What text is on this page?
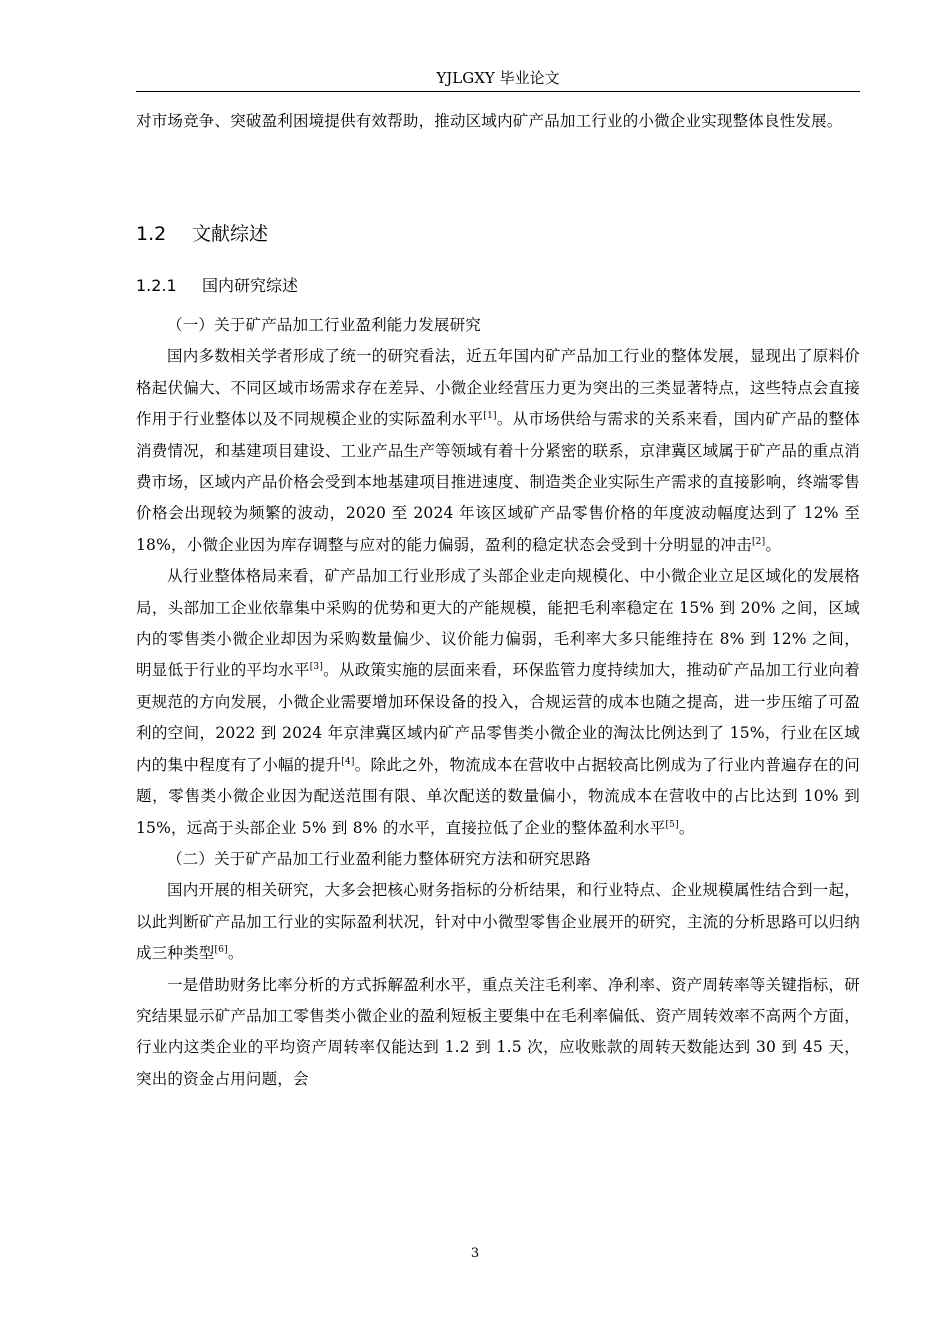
YJLGXY 毕业论文

对市场竞争、突破盈利困境提供有效帮助，推动区域内矿产品加工行业的小微企业实现整体良性发展。

1.2 文献综述
1.2.1 国内研究综述

（一）关于矿产品加工行业盈利能力发展研究

国内多数相关学者形成了统一的研究看法，近五年国内矿产品加工行业的整体发展，显现出了原料价格起伏偏大、不同区域市场需求存在差异、小微企业经营压力更为突出的三类显著特点，这些特点会直接作用于行业整体以及不同规模企业的实际盈利水平[1]。从市场供给与需求的关系来看，国内矿产品的整体消费情况，和基建项目建设、工业产品生产等领域有着十分紧密的联系，京津冀区域属于矿产品的重点消费市场，区域内产品价格会受到本地基建项目推进速度、制造类企业实际生产需求的直接影响，终端零售价格会出现较为频繁的波动，2020 至 2024 年该区域矿产品零售价格的年度波动幅度达到了 12% 至 18%，小微企业因为库存调整与应对的能力偏弱，盈利的稳定状态会受到十分明显的冲击[2]。

从行业整体格局来看，矿产品加工行业形成了头部企业走向规模化、中小微企业立足区域化的发展格局，头部加工企业依靠集中采购的优势和更大的产能规模，能把毛利率稳定在 15% 到 20% 之间，区域内的零售类小微企业却因为采购数量偏少、议价能力偏弱，毛利率大多只能维持在 8% 到 12% 之间，明显低于行业的平均水平[3]。从政策实施的层面来看，环保监管力度持续加大，推动矿产品加工行业向着更规范的方向发展，小微企业需要增加环保设备的投入，合规运营的成本也随之提高，进一步压缩了可盈利的空间，2022 到 2024 年京津冀区域内矿产品零售类小微企业的淘汰比例达到了 15%，行业在区域内的集中程度有了小幅的提升[4]。除此之外，物流成本在营收中占据较高比例成为了行业内普遍存在的问题，零售类小微企业因为配送范围有限、单次配送的数量偏小，物流成本在营收中的占比达到 10% 到 15%，远高于头部企业 5% 到 8% 的水平，直接拉低了企业的整体盈利水平[5]。

（二）关于矿产品加工行业盈利能力整体研究方法和研究思路

国内开展的相关研究，大多会把核心财务指标的分析结果，和行业特点、企业规模属性结合到一起，以此判断矿产品加工行业的实际盈利状况，针对中小微型零售企业展开的研究，主流的分析思路可以归纳成三种类型[6]。

一是借助财务比率分析的方式拆解盈利水平，重点关注毛利率、净利率、资产周转率等关键指标，研究结果显示矿产品加工零售类小微企业的盈利短板主要集中在毛利率偏低、资产周转效率不高两个方面，行业内这类企业的平均资产周转率仅能达到 1.2 到 1.5 次，应收账款的周转天数能达到 30 到 45 天，突出的资金占用问题，会

3
